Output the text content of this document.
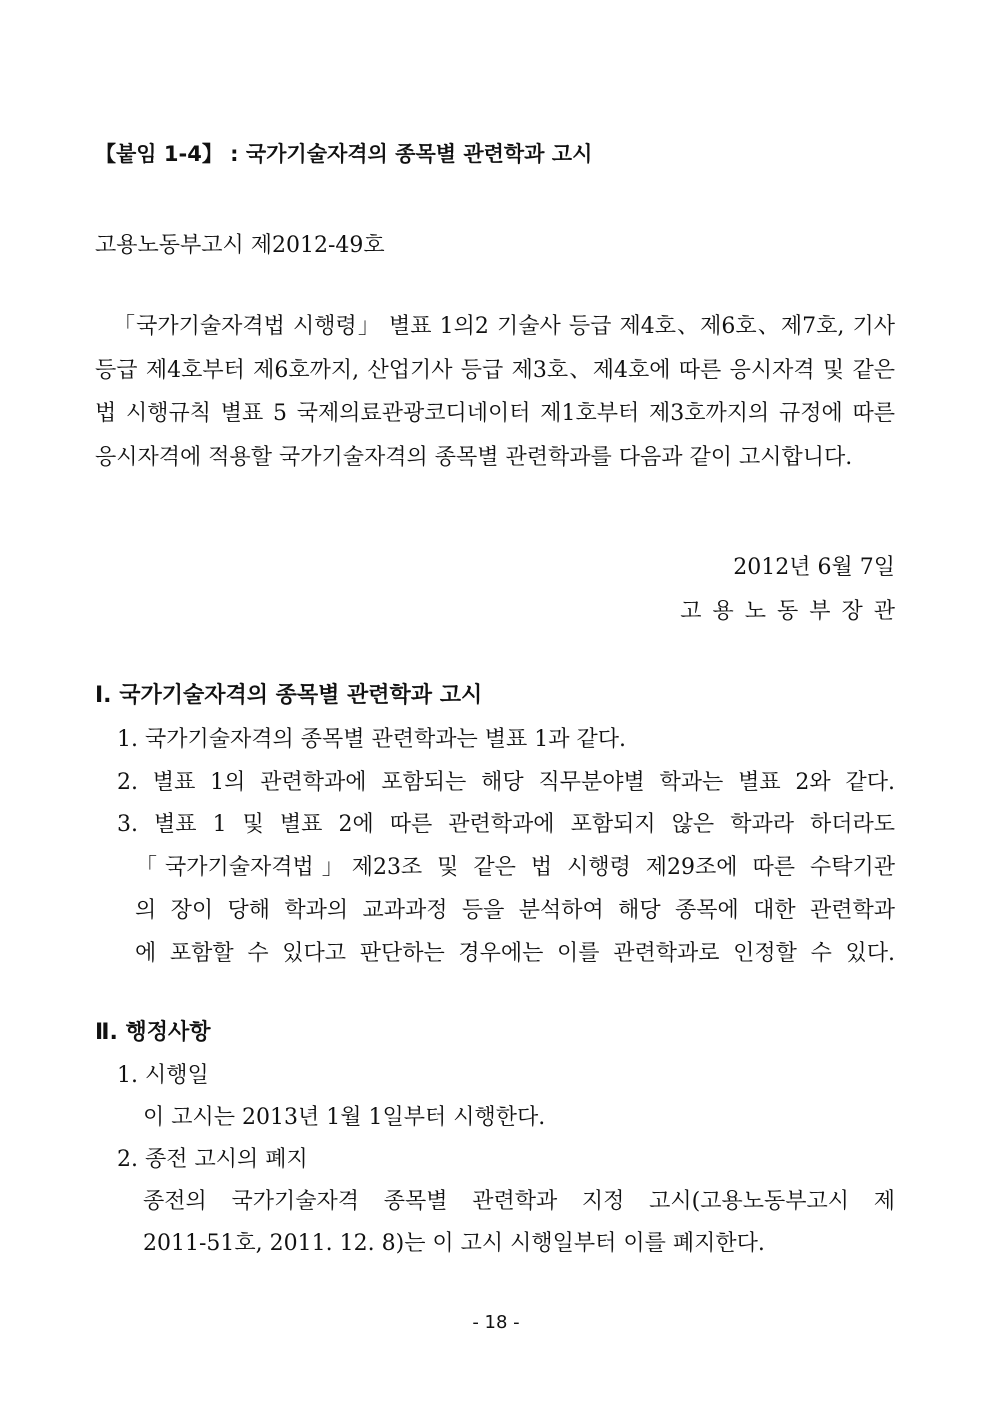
【붙임 1-4】 : 국가기술자격의 종목별 관련학과 고시
고용노동부고시 제2012-49호

「국가기술자격법 시행령」 별표 1의2 기술사 등급 제4호、제6호、제7호, 기사 등급 제4호부터 제6호까지, 산업기사 등급 제3호、제4호에 따른 응시자격 및 같은 법 시행규칙 별표 5 국제의료관광코디네이터 제1호부터 제3호까지의 규정에 따른 응시자격에 적용할 국가기술자격의 종목별 관련학과를 다음과 같이 고시합니다.

2012년 6월 7일
고용노동부장관
Ⅰ. 국가기술자격의 종목별 관련학과 고시
1. 국가기술자격의 종목별 관련학과는 별표 1과 같다.
2. 별표 1의 관련학과에 포함되는 해당 직무분야별 학과는 별표 2와 같다.
3. 별표 1 및 별표 2에 따른 관련학과에 포함되지 않은 학과라 하더라도
「국가기술자격법」제23조 및 같은 법 시행령 제29조에 따른 수탁기관
의 장이 당해 학과의 교과과정 등을 분석하여 해당 종목에 대한 관련학과
에 포함할 수 있다고 판단하는 경우에는 이를 관련학과로 인정할 수 있다.
Ⅱ. 행정사항
1. 시행일
이 고시는 2013년 1월 1일부터 시행한다.
2. 종전 고시의 폐지
종전의 국가기술자격 종목별 관련학과 지정 고시(고용노동부고시 제
2011-51호, 2011. 12. 8)는 이 고시 시행일부터 이를 폐지한다.
- 18 -
